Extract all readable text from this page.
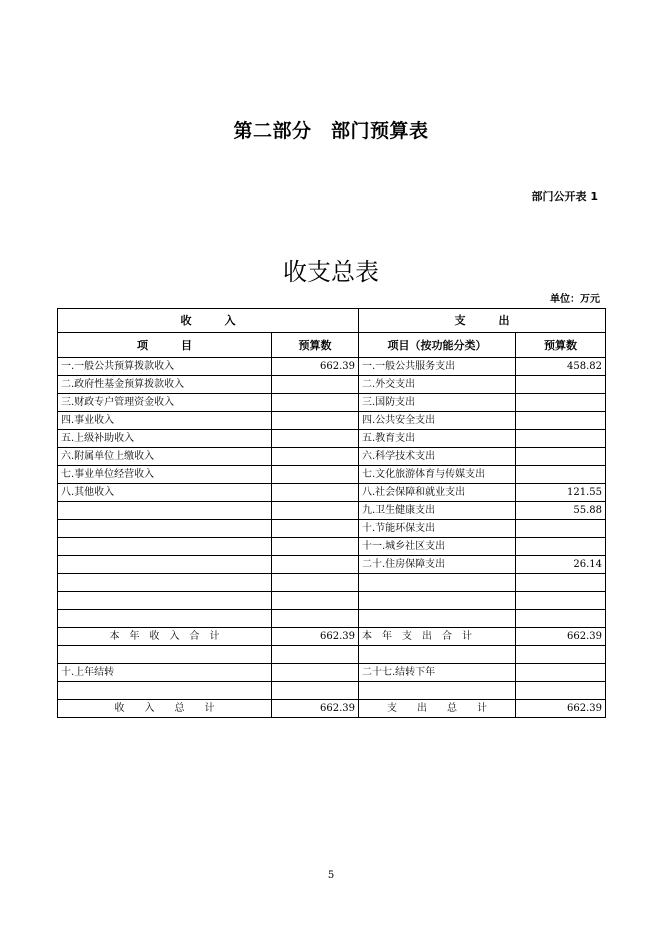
第二部分　部门预算表
部门公开表 1
收支总表
单位：万元
收　　　入		支　　　出	
项　　　目	预算数	项目（按功能分类）	预算数
一.一般公共预算拨款收入	662.39	一.一般公共服务支出	458.82
二.政府性基金预算拨款收入		二.外交支出	
三.财政专户管理资金收入		三.国防支出	
四.事业收入		四.公共安全支出	
五.上级补助收入		五.教育支出	
六.附属单位上缴收入		六.科学技术支出	
七.事业单位经营收入		七.文化旅游体育与传媒支出	
八.其他收入		八.社会保障和就业支出	121.55
		九.卫生健康支出	55.88
		十.节能环保支出	
		十一.城乡社区支出	
		二十.住房保障支出	26.14

本　年　收　入　合　计	662.39	本　年　支　出　合　计	662.39

十.上年结转		二十七.结转下年	

收　　入　　总　　计	662.39	支　　出　　总　　计	662.39
5
